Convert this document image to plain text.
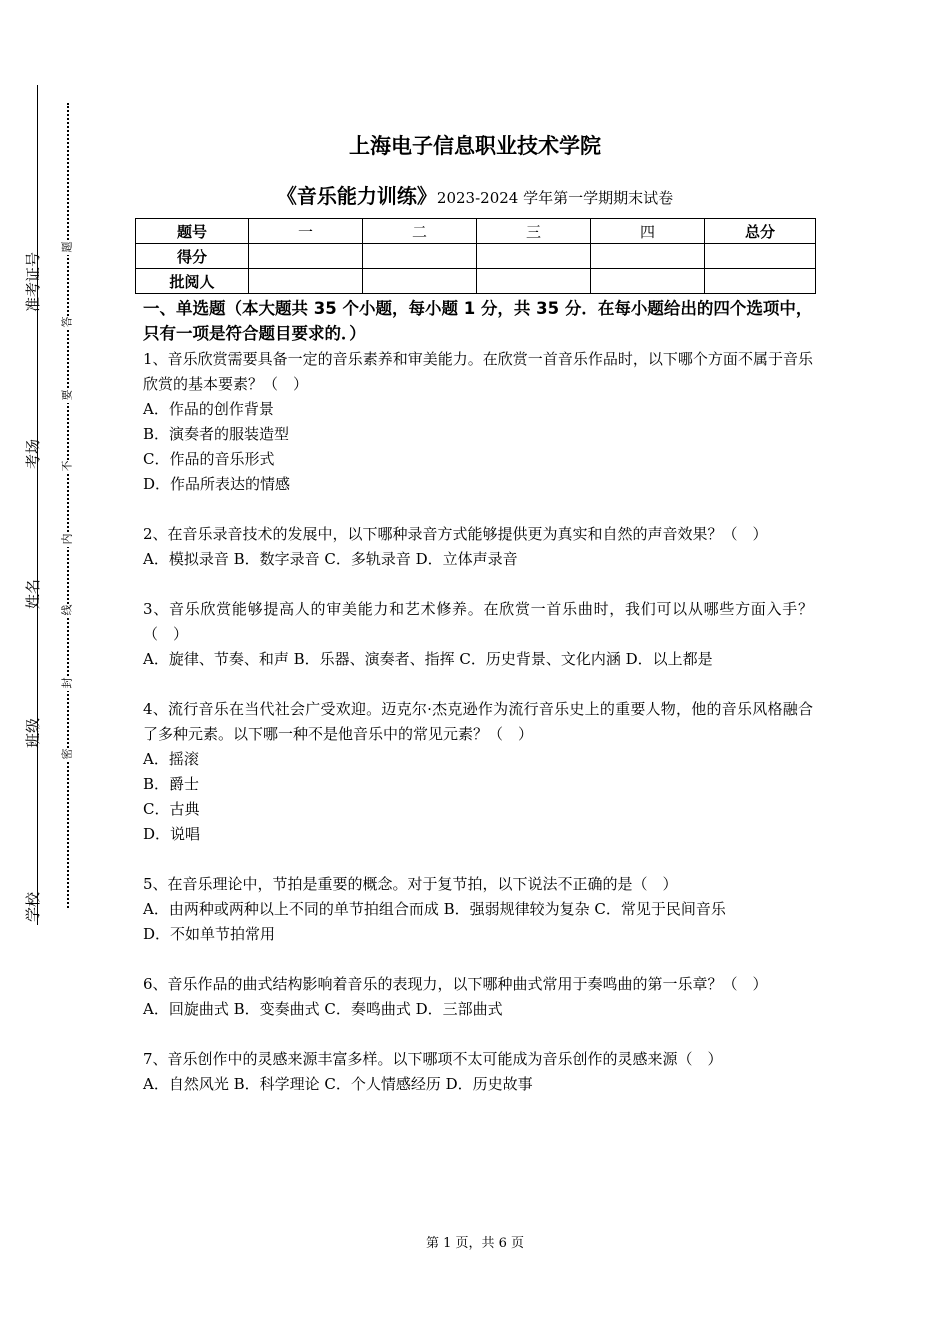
准考证号
考场
姓名
班级
学校
题
答
要
不
内
线
封
密
上海电子信息职业技术学院
《音乐能力训练》2023-2024 学年第一学期期末试卷
题号	一	二	三	四	总分
得分					
批阅人					
一、单选题（本大题共 35 个小题，每小题 1 分，共 35 分．在每小题给出的四个选项中，只有一项是符合题目要求的．）

1、音乐欣赏需要具备一定的音乐素养和审美能力。在欣赏一首音乐作品时，以下哪个方面不属于音乐欣赏的基本要素？（　）

A．作品的创作背景
B．演奏者的服装造型
C．作品的音乐形式
D．作品所表达的情感

2、在音乐录音技术的发展中，以下哪种录音方式能够提供更为真实和自然的声音效果？（　）

A．模拟录音 B．数字录音 C．多轨录音 D．立体声录音

3、音乐欣赏能够提高人的审美能力和艺术修养。在欣赏一首乐曲时，我们可以从哪些方面入手？（　）

A．旋律、节奏、和声 B．乐器、演奏者、指挥 C．历史背景、文化内涵 D．以上都是

4、流行音乐在当代社会广受欢迎。迈克尔·杰克逊作为流行音乐史上的重要人物，他的音乐风格融合了多种元素。以下哪一种不是他音乐中的常见元素？（　）

A．摇滚
B．爵士
C．古典
D．说唱

5、在音乐理论中，节拍是重要的概念。对于复节拍，以下说法不正确的是（　）

A．由两种或两种以上不同的单节拍组合而成 B．强弱规律较为复杂 C．常见于民间音乐
D．不如单节拍常用

6、音乐作品的曲式结构影响着音乐的表现力，以下哪种曲式常用于奏鸣曲的第一乐章？（　）

A．回旋曲式 B．变奏曲式 C．奏鸣曲式 D．三部曲式

7、音乐创作中的灵感来源丰富多样。以下哪项不太可能成为音乐创作的灵感来源（　）

A．自然风光 B．科学理论 C．个人情感经历 D．历史故事
第 1 页，共 6 页
